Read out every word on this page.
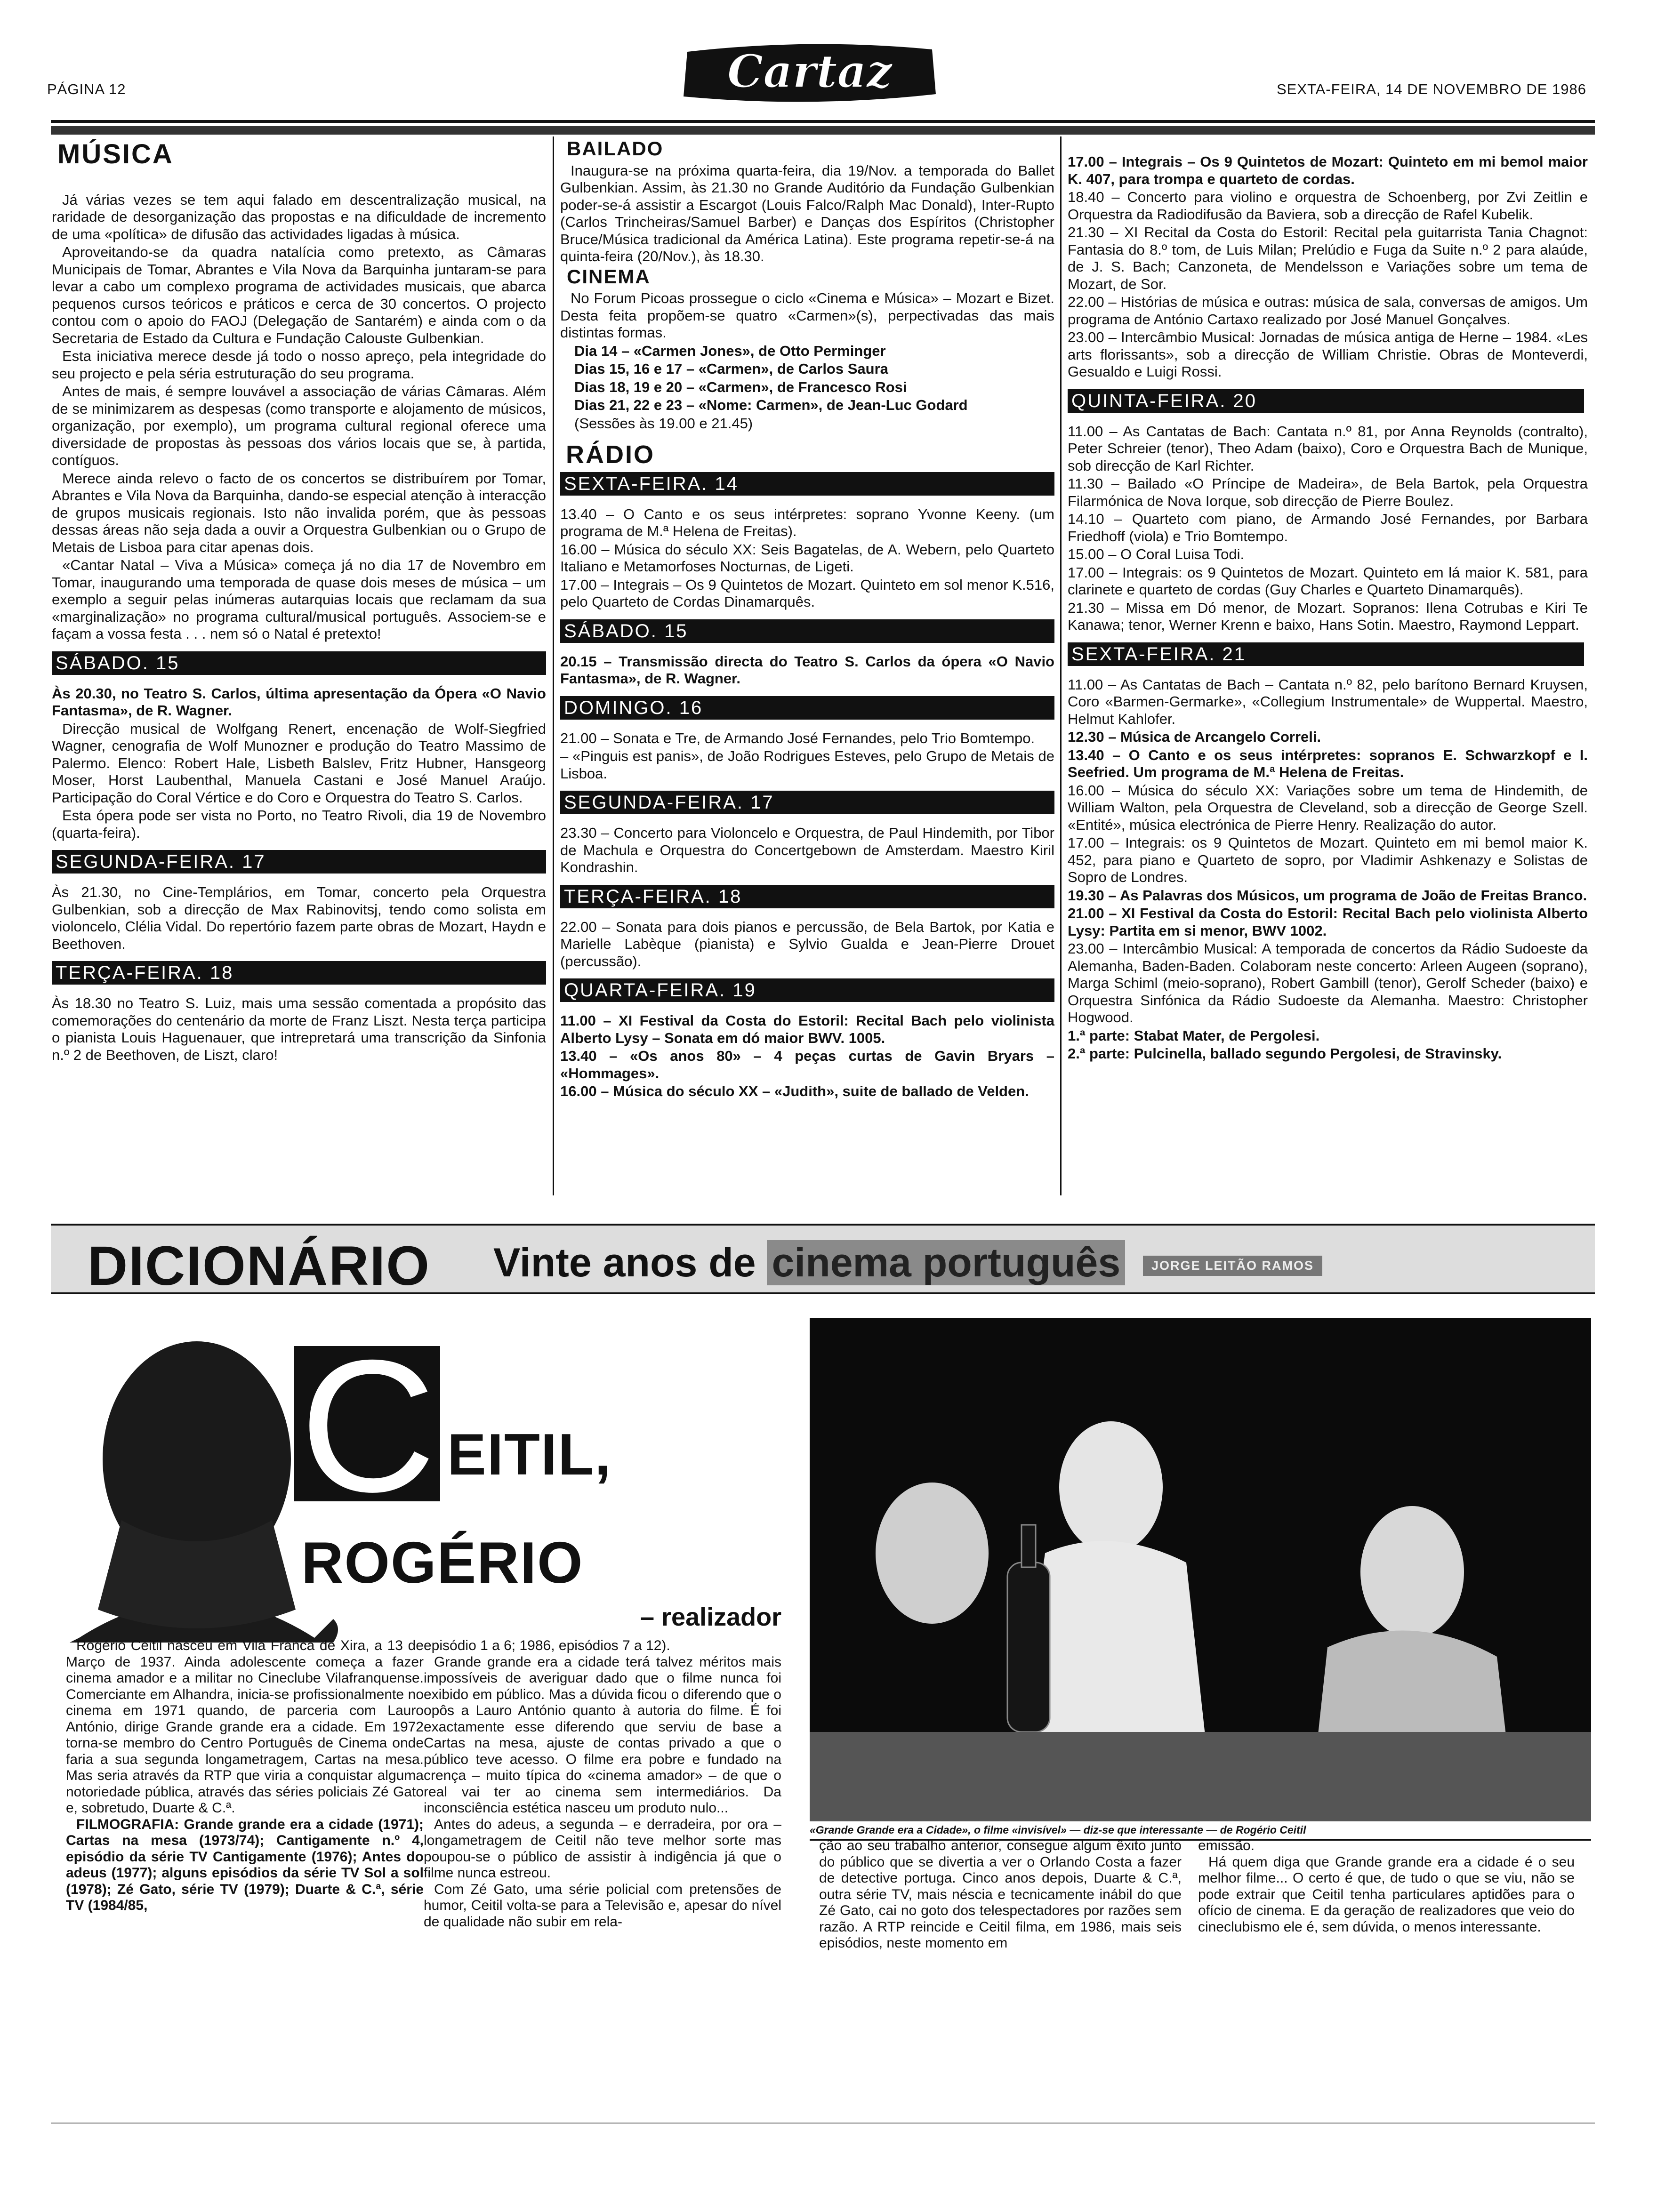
PÁGINA 12	Cartaz	SEXTA-FEIRA, 14 DE NOVEMBRO DE 1986
MÚSICA

Já várias vezes se tem aqui falado em descentralização musical, na raridade de desorganização das propostas e na dificuldade de incremento de uma «política» de difusão das actividades ligadas à música.

Aproveitando-se da quadra natalícia como pretexto, as Câmaras Municipais de Tomar, Abrantes e Vila Nova da Barquinha juntaram-se para levar a cabo um complexo programa de actividades musicais, que abarca pequenos cursos teóricos e práticos e cerca de 30 concertos. O projecto contou com o apoio do FAOJ (Delegação de Santarém) e ainda com o da Secretaria de Estado da Cultura e Fundação Calouste Gulbenkian.

Esta iniciativa merece desde já todo o nosso apreço, pela integridade do seu projecto e pela séria estruturação do seu programa.

Antes de mais, é sempre louvável a associação de várias Câmaras. Além de se minimizarem as despesas (como transporte e alojamento de músicos, organização, por exemplo), um programa cultural regional oferece uma diversidade de propostas às pessoas dos vários locais que se, à partida, contíguos.

Merece ainda relevo o facto de os concertos se distribuírem por Tomar, Abrantes e Vila Nova da Barquinha, dando-se especial atenção à interacção de grupos musicais regionais. Isto não invalida porém, que às pessoas dessas áreas não seja dada a ouvir a Orquestra Gulbenkian ou o Grupo de Metais de Lisboa para citar apenas dois.

«Cantar Natal – Viva a Música» começa já no dia 17 de Novembro em Tomar, inaugurando uma temporada de quase dois meses de música – um exemplo a seguir pelas inúmeras autarquias locais que reclamam da sua «marginalização» no programa cultural/musical português. Associem-se e façam a vossa festa . . . nem só o Natal é pretexto!

SÁBADO. 15

Às 20.30, no Teatro S. Carlos, última apresentação da Ópera «O Navio Fantasma», de R. Wagner.

Direcção musical de Wolfgang Renert, encenação de Wolf-Siegfried Wagner, cenografia de Wolf Munozner e produção do Teatro Massimo de Palermo. Elenco: Robert Hale, Lisbeth Balslev, Fritz Hubner, Hansgeorg Moser, Horst Laubenthal, Manuela Castani e José Manuel Araújo. Participação do Coral Vértice e do Coro e Orquestra do Teatro S. Carlos.

Esta ópera pode ser vista no Porto, no Teatro Rivoli, dia 19 de Novembro (quarta-feira).

SEGUNDA-FEIRA. 17

Às 21.30, no Cine-Templários, em Tomar, concerto pela Orquestra Gulbenkian, sob a direcção de Max Rabinovitsj, tendo como solista em violoncelo, Clélia Vidal. Do repertório fazem parte obras de Mozart, Haydn e Beethoven.

TERÇA-FEIRA. 18

Às 18.30 no Teatro S. Luiz, mais uma sessão comentada a propósito das comemorações do centenário da morte de Franz Liszt. Nesta terça participa o pianista Louis Haguenauer, que intrepretará uma transcrição da Sinfonia n.º 2 de Beethoven, de Liszt, claro!

BAILADO

Inaugura-se na próxima quarta-feira, dia 19/Nov. a temporada do Ballet Gulbenkian. Assim, às 21.30 no Grande Auditório da Fundação Gulbenkian poder-se-á assistir a Escargot (Louis Falco/Ralph Mac Donald), Inter-Rupto (Carlos Trincheiras/Samuel Barber) e Danças dos Espíritos (Christopher Bruce/Música tradicional da América Latina). Este programa repetir-se-á na quinta-feira (20/Nov.), às 18.30.

CINEMA

No Forum Picoas prossegue o ciclo «Cinema e Música» – Mozart e Bizet. Desta feita propõem-se quatro «Carmen»(s), perpectivadas das mais distintas formas.

Dia 14 – «Carmen Jones», de Otto Perminger

Dias 15, 16 e 17 – «Carmen», de Carlos Saura

Dias 18, 19 e 20 – «Carmen», de Francesco Rosi

Dias 21, 22 e 23 – «Nome: Carmen», de Jean-Luc Godard

(Sessões às 19.00 e 21.45)

RÁDIO
SEXTA-FEIRA. 14

13.40 – O Canto e os seus intérpretes: soprano Yvonne Keeny. (um programa de M.ª Helena de Freitas).

16.00 – Música do século XX: Seis Bagatelas, de A. Webern, pelo Quarteto Italiano e Metamorfoses Nocturnas, de Ligeti.

17.00 – Integrais – Os 9 Quintetos de Mozart. Quinteto em sol menor K.516, pelo Quarteto de Cordas Dinamarquês.

SÁBADO. 15

20.15 – Transmissão directa do Teatro S. Carlos da ópera «O Navio Fantasma», de R. Wagner.

DOMINGO. 16

21.00 – Sonata e Tre, de Armando José Fernandes, pelo Trio Bomtempo.

– «Pinguis est panis», de João Rodrigues Esteves, pelo Grupo de Metais de Lisboa.

SEGUNDA-FEIRA. 17

23.30 – Concerto para Violoncelo e Orquestra, de Paul Hindemith, por Tibor de Machula e Orquestra do Concertgebown de Amsterdam. Maestro Kiril Kondrashin.

TERÇA-FEIRA. 18

22.00 – Sonata para dois pianos e percussão, de Bela Bartok, por Katia e Marielle Labèque (pianista) e Sylvio Gualda e Jean-Pierre Drouet (percussão).

QUARTA-FEIRA. 19

11.00 – XI Festival da Costa do Estoril: Recital Bach pelo violinista Alberto Lysy – Sonata em dó maior BWV. 1005.

13.40 – «Os anos 80» – 4 peças curtas de Gavin Bryars – «Hommages».

16.00 – Música do século XX – «Judith», suite de ballado de Velden.

17.00 – Integrais – Os 9 Quintetos de Mozart: Quinteto em mi bemol maior K. 407, para trompa e quarteto de cordas.

18.40 – Concerto para violino e orquestra de Schoenberg, por Zvi Zeitlin e Orquestra da Radiodifusão da Baviera, sob a direcção de Rafel Kubelik.

21.30 – XI Recital da Costa do Estoril: Recital pela guitarrista Tania Chagnot: Fantasia do 8.º tom, de Luis Milan; Prelúdio e Fuga da Suite n.º 2 para alaúde, de J. S. Bach; Canzoneta, de Mendelsson e Variações sobre um tema de Mozart, de Sor.

22.00 – Histórias de música e outras: música de sala, conversas de amigos. Um programa de António Cartaxo realizado por José Manuel Gonçalves.

23.00 – Intercâmbio Musical: Jornadas de música antiga de Herne – 1984. «Les arts florissants», sob a direcção de William Christie. Obras de Monteverdi, Gesualdo e Luigi Rossi.

QUINTA-FEIRA. 20

11.00 – As Cantatas de Bach: Cantata n.º 81, por Anna Reynolds (contralto), Peter Schreier (tenor), Theo Adam (baixo), Coro e Orquestra Bach de Munique, sob direcção de Karl Richter.

11.30 – Bailado «O Príncipe de Madeira», de Bela Bartok, pela Orquestra Filarmónica de Nova Iorque, sob direcção de Pierre Boulez.

14.10 – Quarteto com piano, de Armando José Fernandes, por Barbara Friedhoff (viola) e Trio Bomtempo.

15.00 – O Coral Luisa Todi.

17.00 – Integrais: os 9 Quintetos de Mozart. Quinteto em lá maior K. 581, para clarinete e quarteto de cordas (Guy Charles e Quarteto Dinamarquês).

21.30 – Missa em Dó menor, de Mozart. Sopranos: Ilena Cotrubas e Kiri Te Kanawa; tenor, Werner Krenn e baixo, Hans Sotin. Maestro, Raymond Leppart.

SEXTA-FEIRA. 21

11.00 – As Cantatas de Bach – Cantata n.º 82, pelo barítono Bernard Kruysen, Coro «Barmen-Germarke», «Collegium Instrumentale» de Wuppertal. Maestro, Helmut Kahlofer.

12.30 – Música de Arcangelo Correli.

13.40 – O Canto e os seus intérpretes: sopranos E. Schwarzkopf e I. Seefried. Um programa de M.ª Helena de Freitas.

16.00 – Música do século XX: Variações sobre um tema de Hindemith, de William Walton, pela Orquestra de Cleveland, sob a direcção de George Szell. «Entité», música electrónica de Pierre Henry. Realização do autor.

17.00 – Integrais: os 9 Quintetos de Mozart. Quinteto em mi bemol maior K. 452, para piano e Quarteto de sopro, por Vladimir Ashkenazy e Solistas de Sopro de Londres.

19.30 – As Palavras dos Músicos, um programa de João de Freitas Branco.

21.00 – XI Festival da Costa do Estoril: Recital Bach pelo violinista Alberto Lysy: Partita em si menor, BWV 1002.

23.00 – Intercâmbio Musical: A temporada de concertos da Rádio Sudoeste da Alemanha, Baden-Baden. Colaboram neste concerto: Arleen Augeen (soprano), Marga Schiml (meio-soprano), Robert Gambill (tenor), Gerolf Scheder (baixo) e Orquestra Sinfónica da Rádio Sudoeste da Alemanha. Maestro: Christopher Hogwood.

1.ª parte: Stabat Mater, de Pergolesi.

2.ª parte: Pulcinella, ballado segundo Pergolesi, de Stravinsky.

DICIONÁRIO Vinte anos de cinema português	JORGE LEITÃO RAMOS
C EITIL,
ROGÉRIO
– realizador

Rogério Ceitil nasceu em Vila Franca de Xira, a 13 de Março de 1937. Ainda adolescente começa a fazer cinema amador e a militar no Cineclube Vilafranquense. Comerciante em Alhandra, inicia-se profissionalmente no cinema em 1971 quando, de parceria com Lauro António, dirige Grande grande era a cidade. Em 1972 torna-se membro do Centro Português de Cinema onde faria a sua segunda longametragem, Cartas na mesa. Mas seria através da RTP que viria a conquistar alguma notoriedade pública, através das séries policiais Zé Gato e, sobretudo, Duarte & C.ª.

FILMOGRAFIA: Grande grande era a cidade (1971); Cartas na mesa (1973/74); Cantigamente n.º 4, episódio da série TV Cantigamente (1976); Antes do adeus (1977); alguns episódios da série TV Sol a sol (1978); Zé Gato, série TV (1979); Duarte & C.ª, série TV (1984/85,

episódio 1 a 6; 1986, episódios 7 a 12).

Grande grande era a cidade terá talvez méritos mais impossíveis de averiguar dado que o filme nunca foi exibido em público. Mas a dúvida ficou o diferendo que o opôs a Lauro António quanto à autoria do filme. É foi exactamente esse diferendo que serviu de base a Cartas na mesa, ajuste de contas privado a que o público teve acesso. O filme era pobre e fundado na crença – muito típica do «cinema amador» – de que o real vai ter ao cinema sem intermediários. Da inconsciência estética nasceu um produto nulo...

Antes do adeus, a segunda – e derradeira, por ora – longametragem de Ceitil não teve melhor sorte mas poupou-se o público de assistir à indigência já que o filme nunca estreou.

Com Zé Gato, uma série policial com pretensões de humor, Ceitil volta-se para a Televisão e, apesar do nível de qualidade não subir em rela-

«Grande Grande era a Cidade», o filme «invisível» — diz-se que interessante — de Rogério Ceitil

ção ao seu trabalho anterior, consegue algum êxito junto do público que se divertia a ver o Orlando Costa a fazer de detective portuga. Cinco anos depois, Duarte & C.ª, outra série TV, mais néscia e tecnicamente inábil do que Zé Gato, cai no goto dos telespectadores por razões sem razão. A RTP reincide e Ceitil filma, em 1986, mais seis episódios, neste momento em

emissão.

Há quem diga que Grande grande era a cidade é o seu melhor filme... O certo é que, de tudo o que se viu, não se pode extrair que Ceitil tenha particulares aptidões para o ofício de cinema. E da geração de realizadores que veio do cineclubismo ele é, sem dúvida, o menos interessante.
